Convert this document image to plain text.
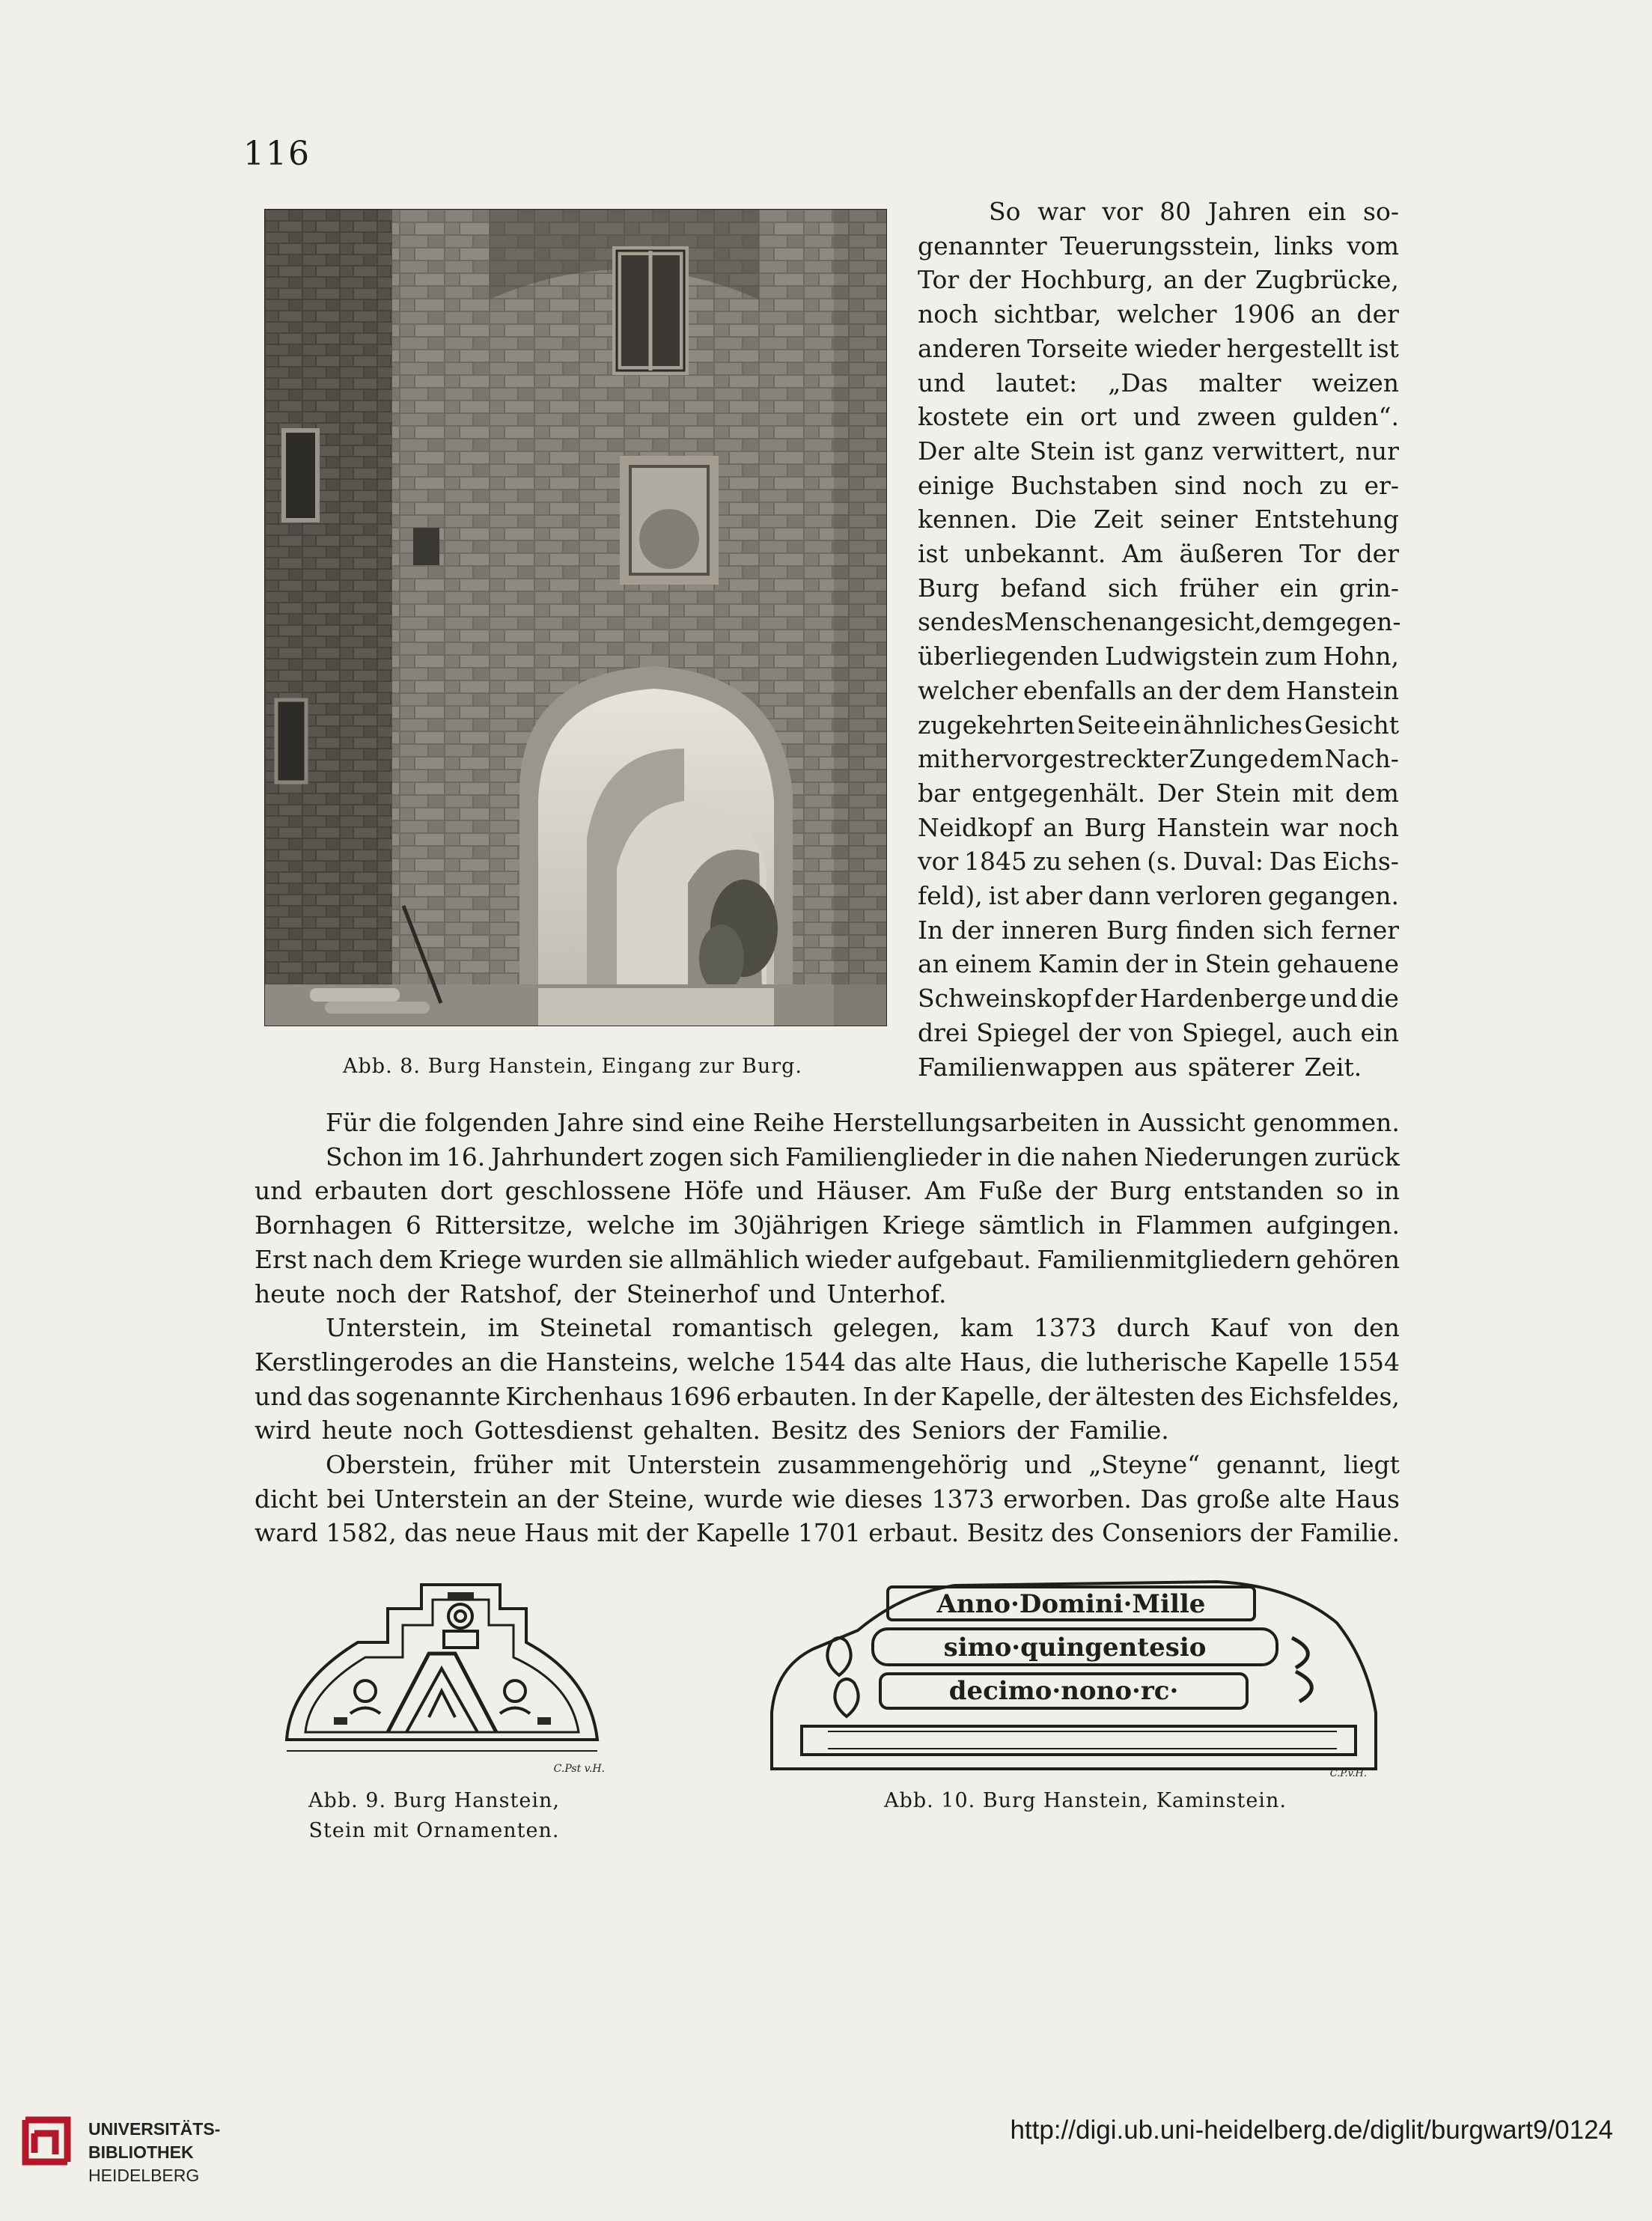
116
Abb. 8. Burg Hanstein, Eingang zur Burg.
So war vor 80 Jahren ein so-
genannter Teuerungsstein, links vom
Tor der Hochburg, an der Zugbrücke,
noch sichtbar, welcher 1906 an der
anderen Torseite wieder hergestellt ist
und lautet: „Das malter weizen
kostete ein ort und zween gulden“.
Der alte Stein ist ganz verwittert, nur
einige Buchstaben sind noch zu er-
kennen. Die Zeit seiner Entstehung
ist unbekannt. Am äußeren Tor der
Burg befand sich früher ein grin-
sendes Menschenangesicht, dem gegen-
überliegenden Ludwigstein zum Hohn,
welcher ebenfalls an der dem Hanstein
zugekehrten Seite ein ähnliches Gesicht
mit hervorgestreckter Zunge dem Nach-
bar entgegenhält. Der Stein mit dem
Neidkopf an Burg Hanstein war noch
vor 1845 zu sehen (s. Duval: Das Eichs-
feld), ist aber dann verloren gegangen.
In der inneren Burg finden sich ferner
an einem Kamin der in Stein gehauene
Schweinskopf der Hardenberge und die
drei Spiegel der von Spiegel, auch ein
Familienwappen aus späterer Zeit.
Für die folgenden Jahre sind eine Reihe Herstellungsarbeiten in Aussicht genommen.
Schon im 16. Jahrhundert zogen sich Familienglieder in die nahen Niederungen zurück
und erbauten dort geschlossene Höfe und Häuser. Am Fuße der Burg entstanden so in
Bornhagen 6 Rittersitze, welche im 30jährigen Kriege sämtlich in Flammen aufgingen.
Erst nach dem Kriege wurden sie allmählich wieder aufgebaut. Familienmitgliedern gehören
heute noch der Ratshof, der Steinerhof und Unterhof.
Unterstein, im Steinetal romantisch gelegen, kam 1373 durch Kauf von den
Kerstlingerodes an die Hansteins, welche 1544 das alte Haus, die lutherische Kapelle 1554
und das sogenannte Kirchenhaus 1696 erbauten. In der Kapelle, der ältesten des Eichsfeldes,
wird heute noch Gottesdienst gehalten. Besitz des Seniors der Familie.
Oberstein, früher mit Unterstein zusammengehörig und „Steyne“ genannt, liegt
dicht bei Unterstein an der Steine, wurde wie dieses 1373 erworben. Das große alte Haus
ward 1582, das neue Haus mit der Kapelle 1701 erbaut. Besitz des Conseniors der Familie.
C.Pst v.H.
Abb. 9. Burg Hanstein,
Stein mit Ornamenten.
Anno·Domini·Mille
simo·quingentesio
decimo·nono·rc·
C.P.v.H.
Abb. 10. Burg Hanstein, Kaminstein.
UNIVERSITÄTS-
BIBLIOTHEK
HEIDELBERG
http://digi.ub.uni-heidelberg.de/diglit/burgwart9/0124
